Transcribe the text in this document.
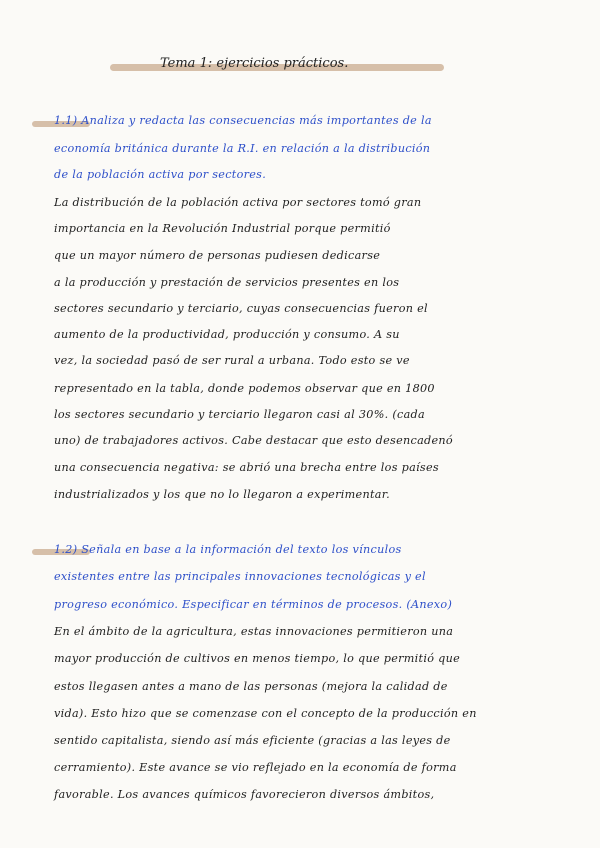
Tema 1: ejercicios prácticos.
1.1) Analiza y redacta las consecuencias más importantes de la
economía británica durante la R.I. en relación a la distribución
de la población activa por sectores.
La distribución de la población activa por sectores tomó gran
importancia en la Revolución Industrial porque permitió
que un mayor número de personas pudiesen dedicarse
a la producción y prestación de servicios presentes en los
sectores secundario y terciario, cuyas consecuencias fueron el
aumento de la productividad, producción y consumo. A su
vez, la sociedad pasó de ser rural a urbana. Todo esto se ve
representado en la tabla, donde podemos observar que en 1800
los sectores secundario y terciario llegaron casi al 30%. (cada
uno) de trabajadores activos. Cabe destacar que esto desencadenó
una consecuencia negativa: se abrió una brecha entre los países
industrializados y los que no lo llegaron a experimentar.
1.2) Señala en base a la información del texto los vínculos
existentes entre las principales innovaciones tecnológicas y el
progreso económico. Especificar en términos de procesos. (Anexo)
En el ámbito de la agricultura, estas innovaciones permitieron una
mayor producción de cultivos en menos tiempo, lo que permitió que
estos llegasen antes a mano de las personas (mejora la calidad de
vida). Esto hizo que se comenzase con el concepto de la producción en
sentido capitalista, siendo así más eficiente (gracias a las leyes de
cerramiento). Este avance se vio reflejado en la economía de forma
favorable. Los avances químicos favorecieron diversos ámbitos,
